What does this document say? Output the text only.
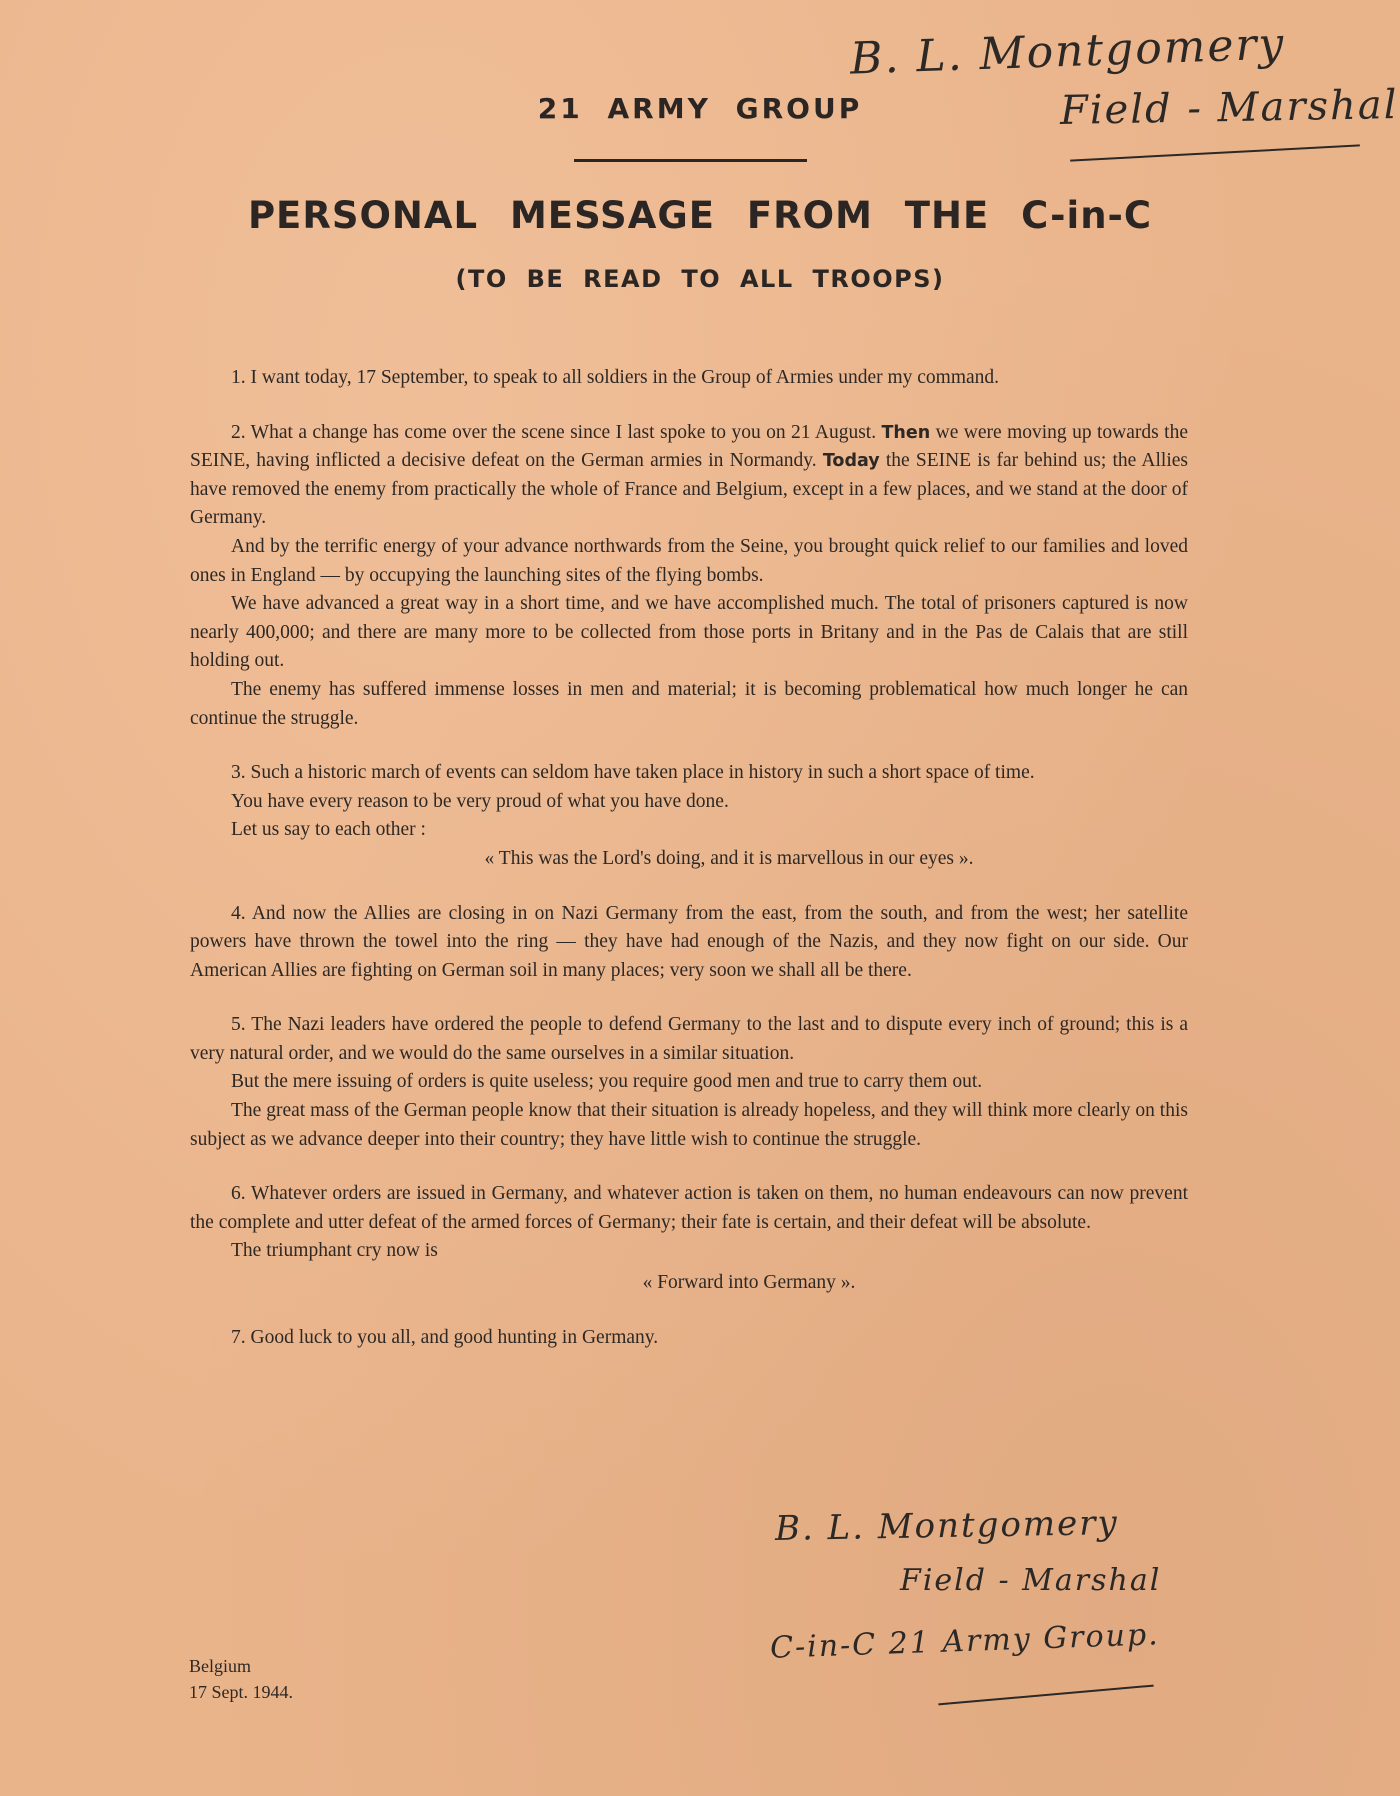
B. L. Montgomery
Field - Marshal
21 ARMY GROUP
PERSONAL MESSAGE FROM THE C-in-C
(TO BE READ TO ALL TROOPS)

1. I want today, 17 September, to speak to all soldiers in the Group of Armies under my command.

2. What a change has come over the scene since I last spoke to you on 21 August. Then we were moving up towards the SEINE, having inflicted a decisive defeat on the German armies in Normandy. Today the SEINE is far behind us; the Allies have removed the enemy from practically the whole of France and Belgium, except in a few places, and we stand at the door of Germany.

And by the terrific energy of your advance northwards from the Seine, you brought quick relief to our families and loved ones in England — by occupying the launching sites of the flying bombs.

We have advanced a great way in a short time, and we have accomplished much. The total of prisoners captured is now nearly 400,000; and there are many more to be collected from those ports in Britany and in the Pas de Calais that are still holding out.

The enemy has suffered immense losses in men and material; it is becoming problematical how much longer he can continue the struggle.

3. Such a historic march of events can seldom have taken place in history in such a short space of time.

You have every reason to be very proud of what you have done.

Let us say to each other :

« This was the Lord's doing, and it is marvellous in our eyes ».

4. And now the Allies are closing in on Nazi Germany from the east, from the south, and from the west; her satellite powers have thrown the towel into the ring — they have had enough of the Nazis, and they now fight on our side. Our American Allies are fighting on German soil in many places; very soon we shall all be there.

5. The Nazi leaders have ordered the people to defend Germany to the last and to dispute every inch of ground; this is a very natural order, and we would do the same ourselves in a similar situation.

But the mere issuing of orders is quite useless; you require good men and true to carry them out.

The great mass of the German people know that their situation is already hopeless, and they will think more clearly on this subject as we advance deeper into their country; they have little wish to continue the struggle.

6. Whatever orders are issued in Germany, and whatever action is taken on them, no human endeavours can now prevent the complete and utter defeat of the armed forces of Germany; their fate is certain, and their defeat will be absolute.

The triumphant cry now is

« Forward into Germany ».

7. Good luck to you all, and good hunting in Germany.

B. L. Montgomery
Field - Marshal
C-in-C 21 Army Group.
Belgium
17 Sept. 1944.
